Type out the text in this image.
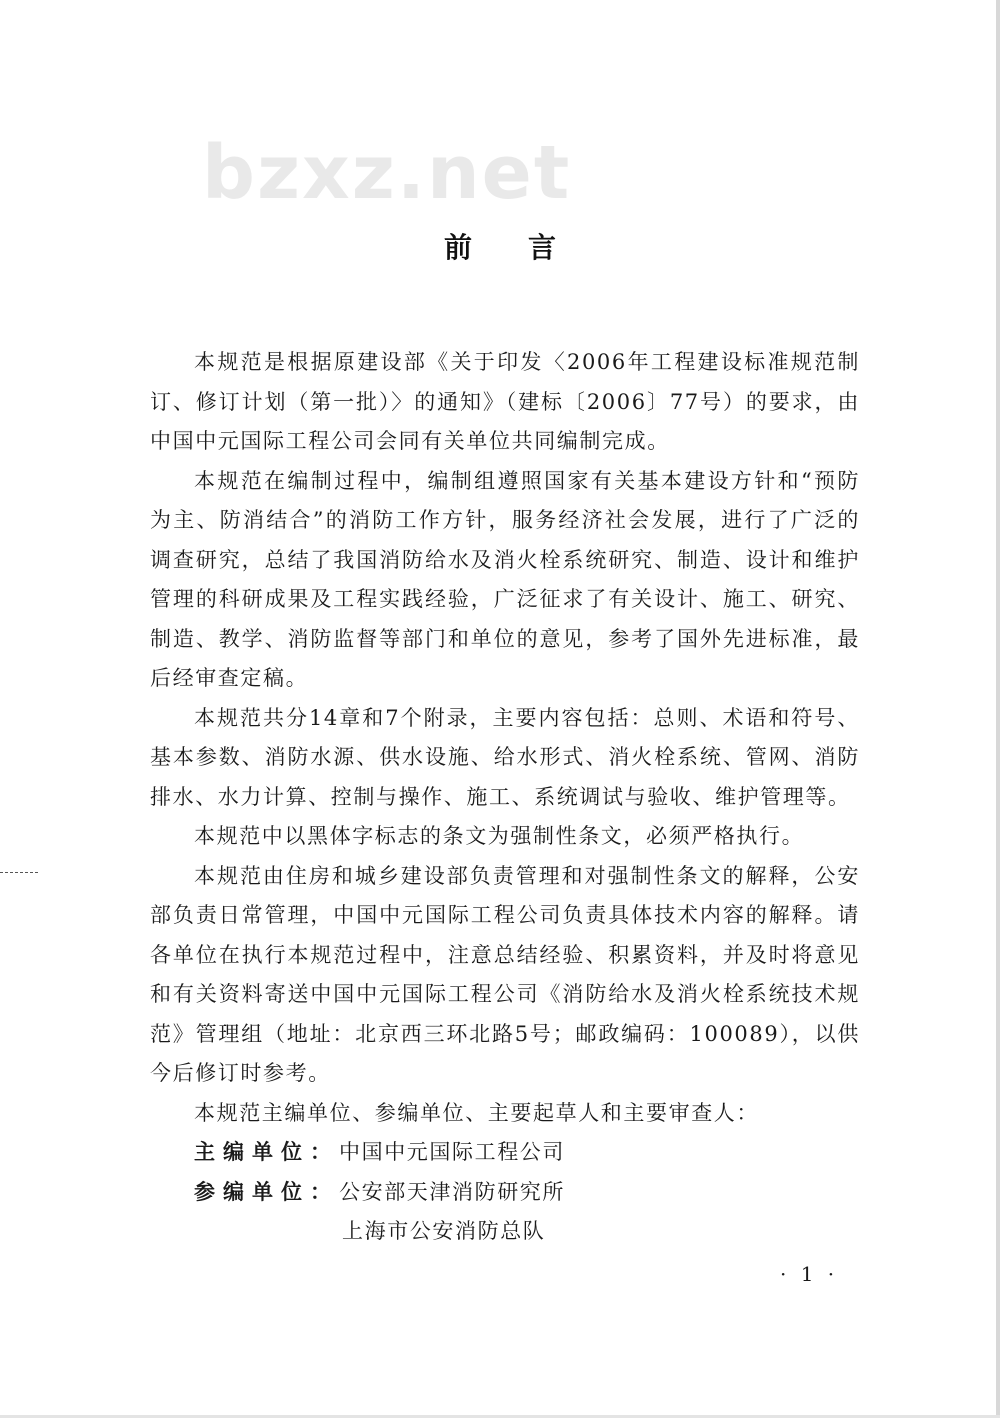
bzxz.net
前言

本规范是根据原建设部《关于印发〈2006年工程建设标准规范制订、修订计划（第一批）〉的通知》（建标〔2006〕77号）的要求，由中国中元国际工程公司会同有关单位共同编制完成。

本规范在编制过程中，编制组遵照国家有关基本建设方针和“预防为主、防消结合”的消防工作方针，服务经济社会发展，进行了广泛的调查研究，总结了我国消防给水及消火栓系统研究、制造、设计和维护管理的科研成果及工程实践经验，广泛征求了有关设计、施工、研究、制造、教学、消防监督等部门和单位的意见，参考了国外先进标准，最后经审查定稿。

本规范共分14章和7个附录，主要内容包括：总则、术语和符号、基本参数、消防水源、供水设施、给水形式、消火栓系统、管网、消防排水、水力计算、控制与操作、施工、系统调试与验收、维护管理等。

本规范中以黑体字标志的条文为强制性条文，必须严格执行。

本规范由住房和城乡建设部负责管理和对强制性条文的解释，公安部负责日常管理，中国中元国际工程公司负责具体技术内容的解释。请各单位在执行本规范过程中，注意总结经验、积累资料，并及时将意见和有关资料寄送中国中元国际工程公司《消防给水及消火栓系统技术规范》管理组（地址：北京西三环北路5号；邮政编码：100089），以供今后修订时参考。

本规范主编单位、参编单位、主要起草人和主要审查人：

主编单位：中国中元国际工程公司
参编单位：公安部天津消防研究所
上海市公安消防总队
· 1 ·
